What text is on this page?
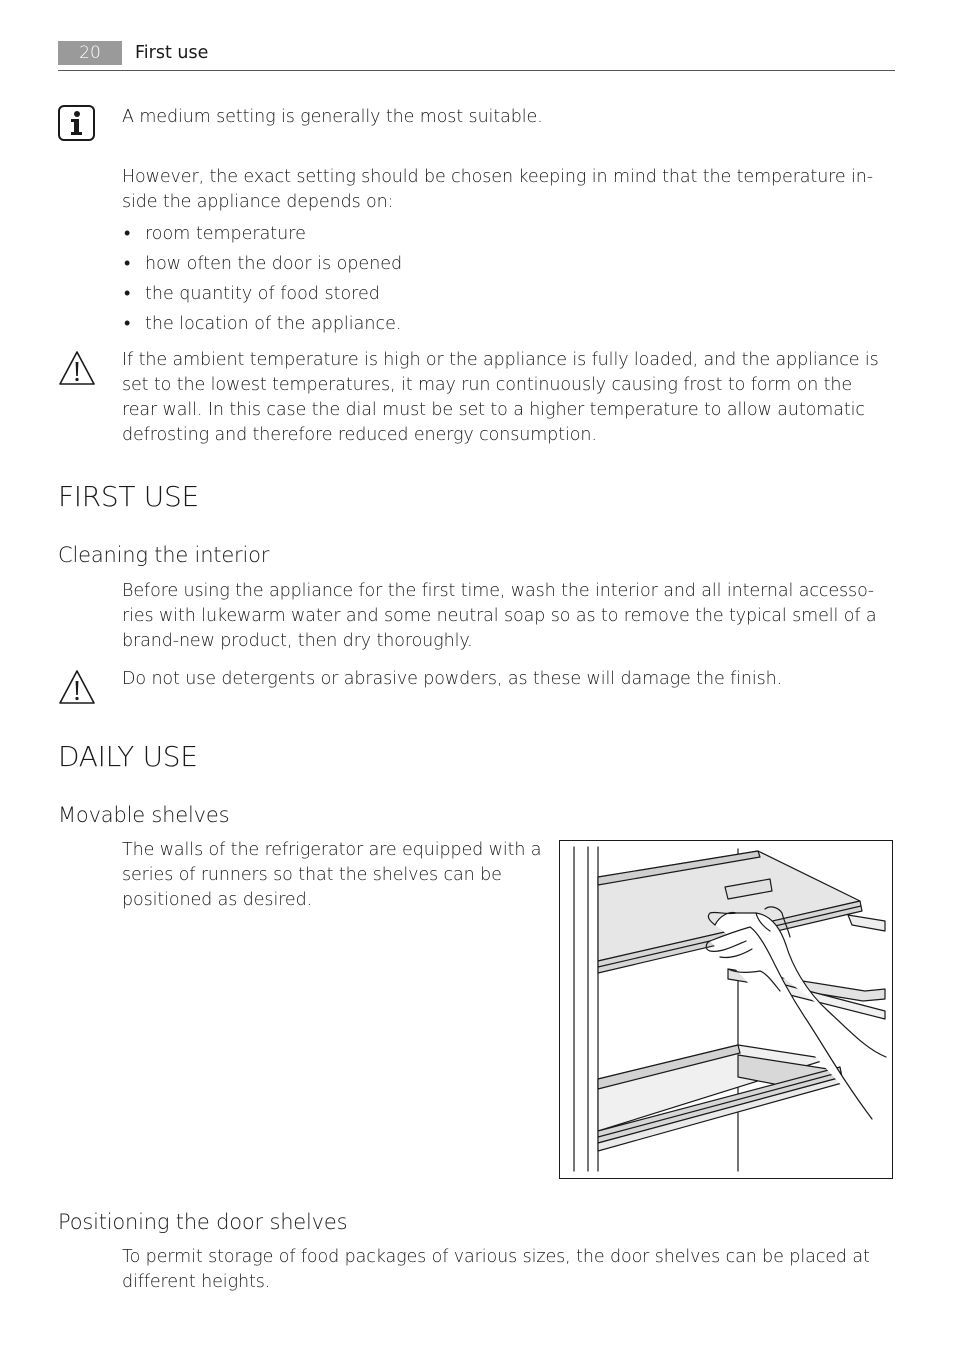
20	First use
A medium setting is generally the most suitable.
However, the exact setting should be chosen keeping in mind that the temperature inside the appliance depends on:
• room temperature
• how often the door is opened
• the quantity of food stored
• the location of the appliance.
If the ambient temperature is high or the appliance is fully loaded, and the appliance is set to the lowest temperatures, it may run continuously causing frost to form on the rear wall. In this case the dial must be set to a higher temperature to allow automatic defrosting and therefore reduced energy consumption.
FIRST USE
Cleaning the interior
Before using the appliance for the first time, wash the interior and all internal accessories with lukewarm water and some neutral soap so as to remove the typical smell of a brand-new product, then dry thoroughly.
Do not use detergents or abrasive powders, as these will damage the finish.
DAILY USE
Movable shelves
The walls of the refrigerator are equipped with a series of runners so that the shelves can be positioned as desired.
Positioning the door shelves
To permit storage of food packages of various sizes, the door shelves can be placed at different heights.
